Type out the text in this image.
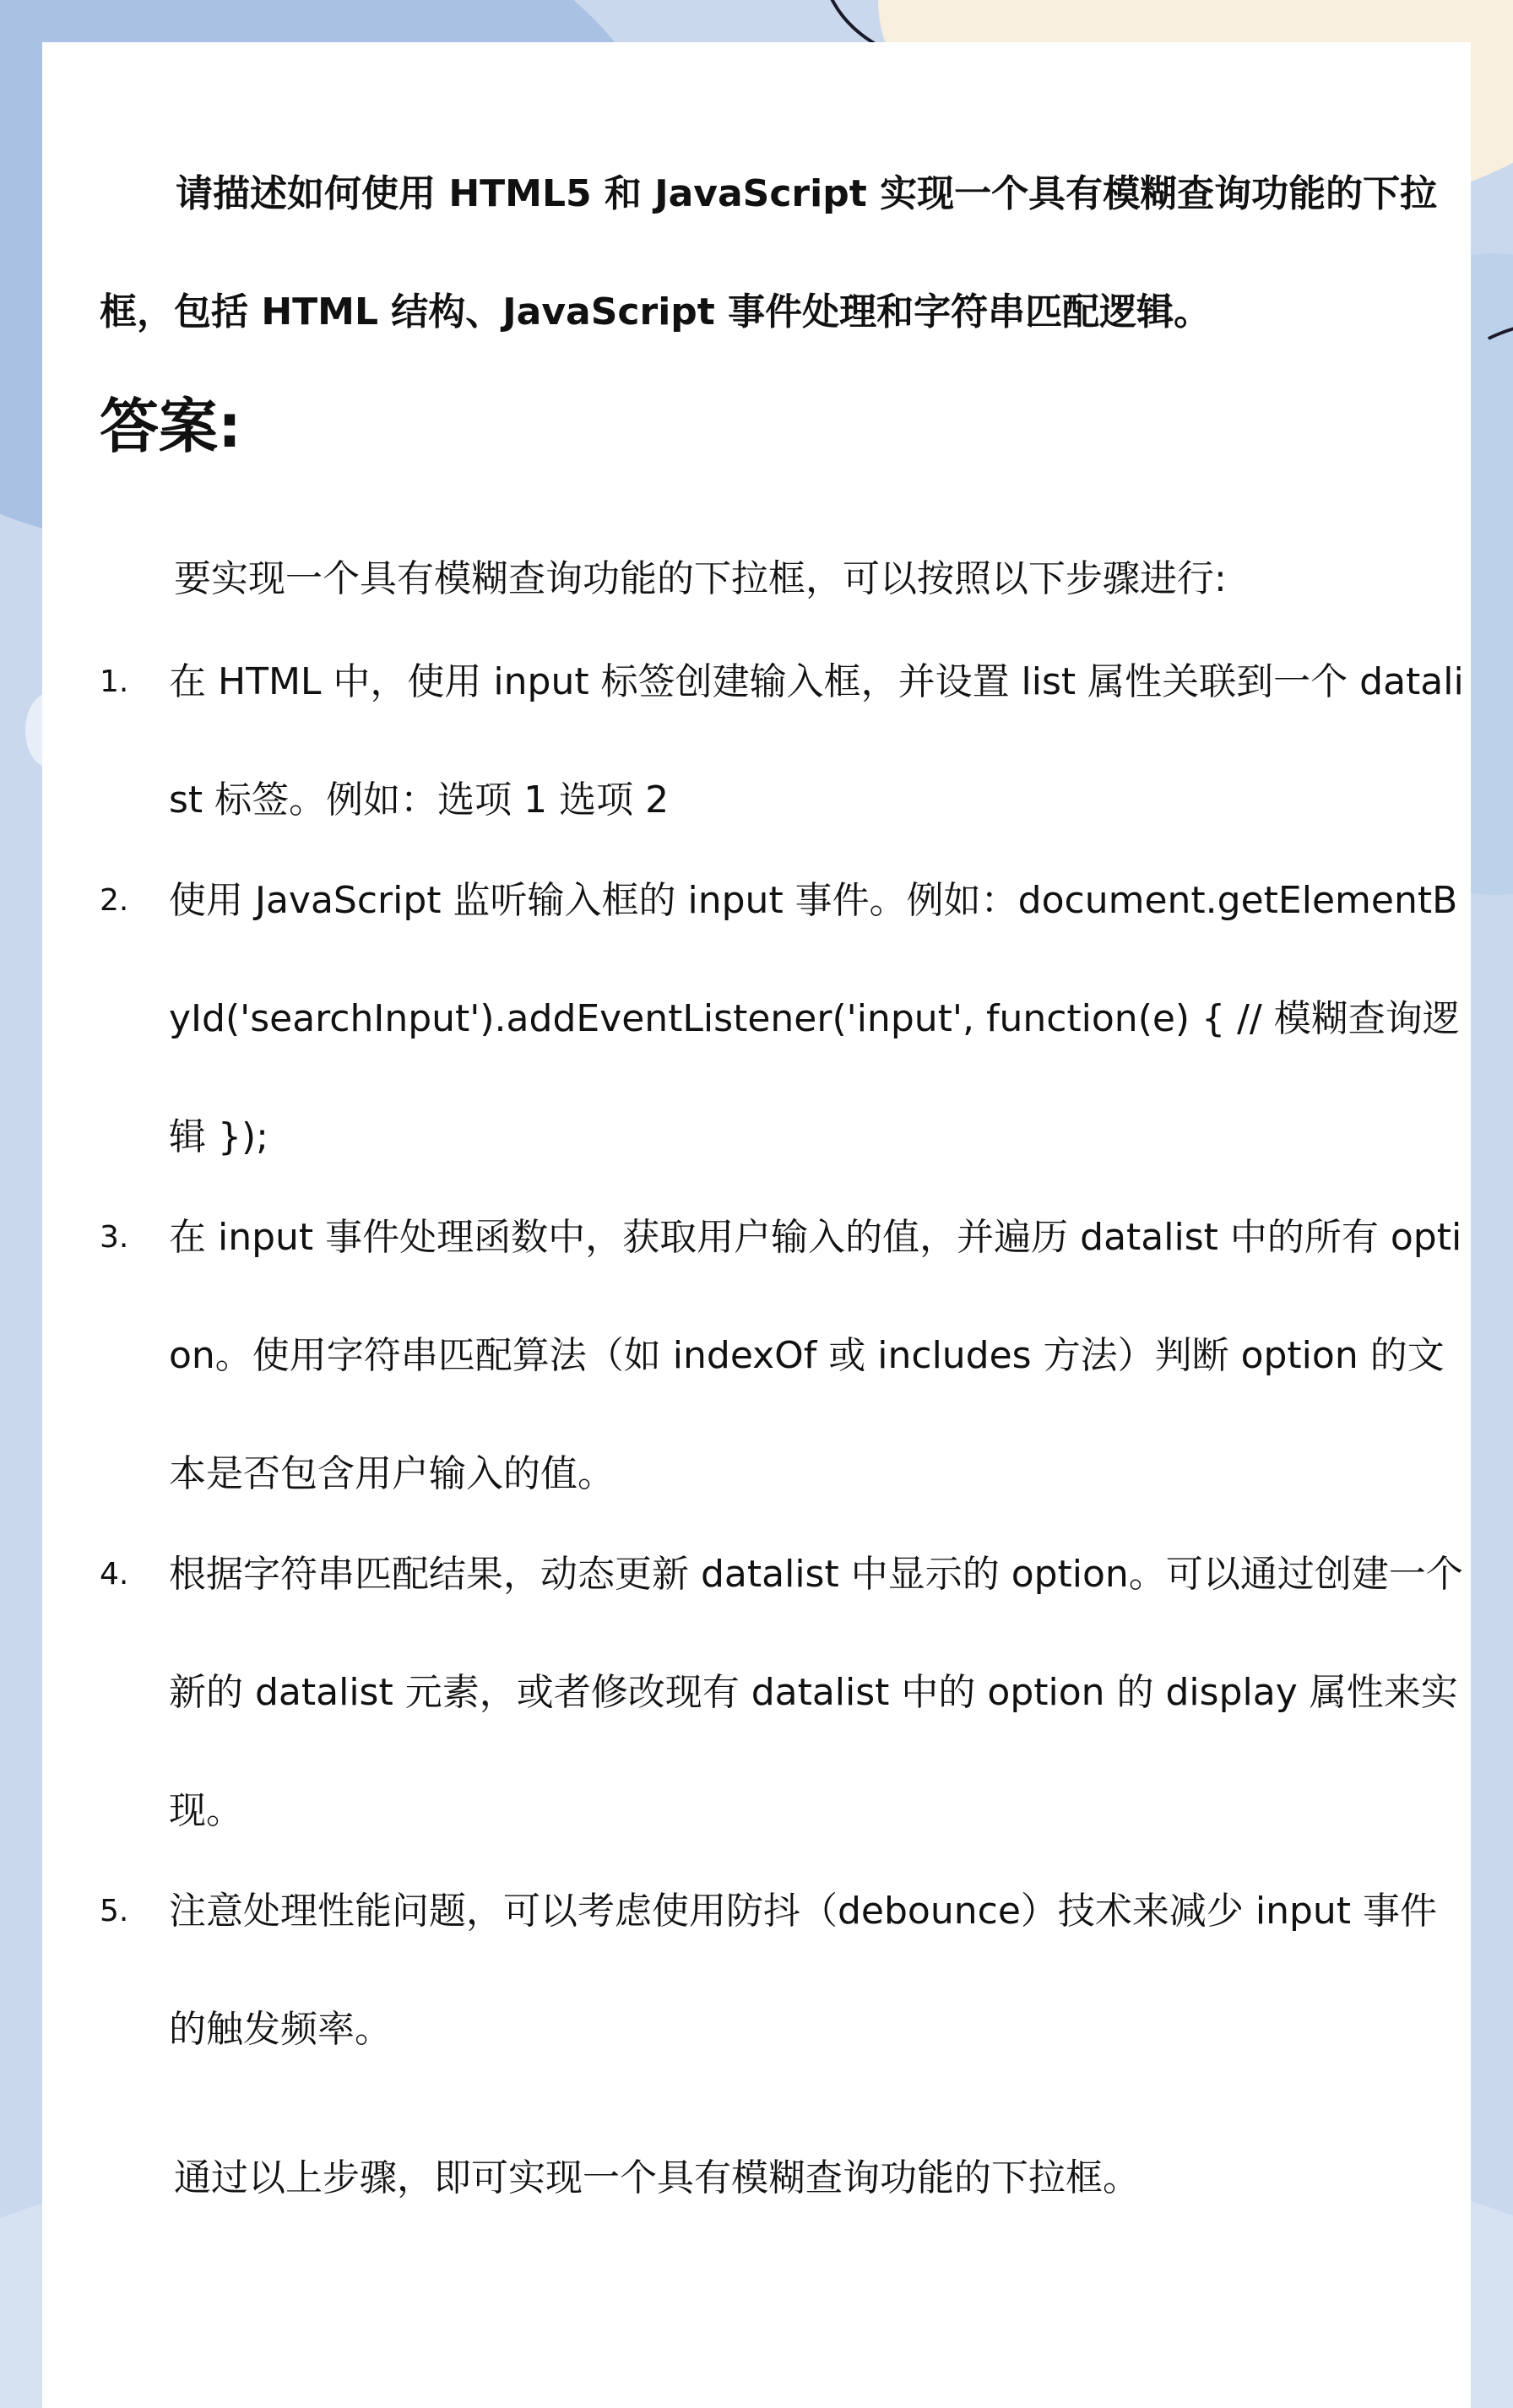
请描述如何使用 HTML5 和 JavaScript 实现一个具有模糊查询功能的下拉框，包括 HTML 结构、JavaScript 事件处理和字符串匹配逻辑。

答案:

要实现一个具有模糊查询功能的下拉框，可以按照以下步骤进行:

1.	在 HTML 中，使用 input 标签创建输入框，并设置 list 属性关联到一个 datalist 标签。例如：选项 1 选项 2
2.	使用 JavaScript 监听输入框的 input 事件。例如：document.getElementById('searchInput').addEventListener('input', function(e) { // 模糊查询逻辑 });
3.	在 input 事件处理函数中，获取用户输入的值，并遍历 datalist 中的所有 option。使用字符串匹配算法（如 indexOf 或 includes 方法）判断 option 的文本是否包含用户输入的值。
4.	根据字符串匹配结果，动态更新 datalist 中显示的 option。可以通过创建一个新的 datalist 元素，或者修改现有 datalist 中的 option 的 display 属性来实现。
5.	注意处理性能问题，可以考虑使用防抖（debounce）技术来减少 input 事件的触发频率。

通过以上步骤，即可实现一个具有模糊查询功能的下拉框。
